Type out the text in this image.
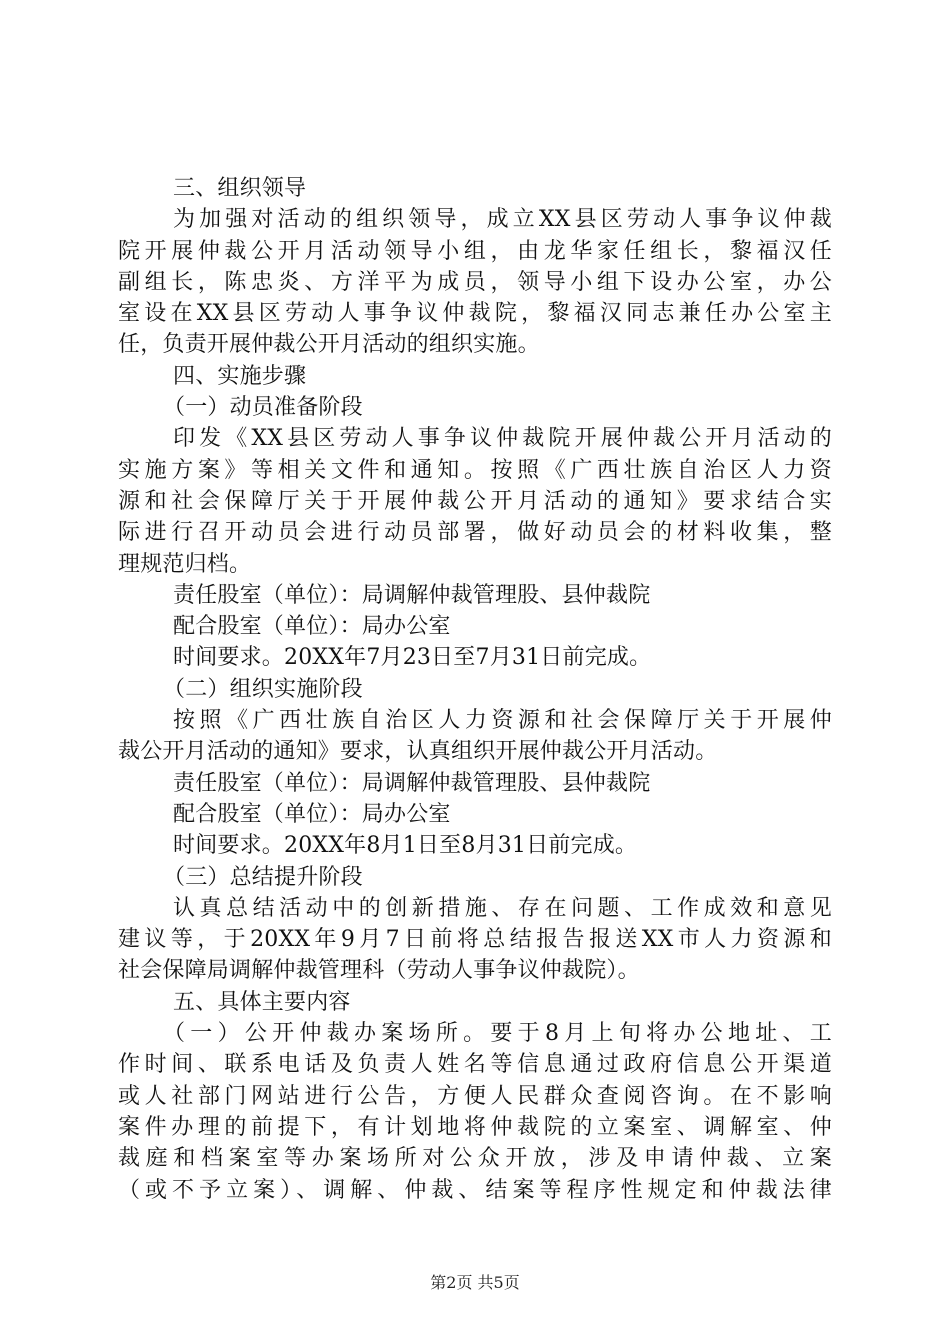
三、组织领导
为加强对活动的组织领导，成立XX县区劳动人事争议仲裁
院开展仲裁公开月活动领导小组，由龙华家任组长，黎福汉任
副组长，陈忠炎、方洋平为成员，领导小组下设办公室，办公
室设在XX县区劳动人事争议仲裁院，黎福汉同志兼任办公室主
任，负责开展仲裁公开月活动的组织实施。
四、实施步骤
（一）动员准备阶段
印发《XX县区劳动人事争议仲裁院开展仲裁公开月活动的
实施方案》等相关文件和通知。按照《广西壮族自治区人力资
源和社会保障厅关于开展仲裁公开月活动的通知》要求结合实
际进行召开动员会进行动员部署，做好动员会的材料收集，整
理规范归档。
责任股室（单位）：局调解仲裁管理股、县仲裁院
配合股室（单位）：局办公室
时间要求。20XX年7月23日至7月31日前完成。
（二）组织实施阶段
按照《广西壮族自治区人力资源和社会保障厅关于开展仲
裁公开月活动的通知》要求，认真组织开展仲裁公开月活动。
责任股室（单位）：局调解仲裁管理股、县仲裁院
配合股室（单位）：局办公室
时间要求。20XX年8月1日至8月31日前完成。
（三）总结提升阶段
认真总结活动中的创新措施、存在问题、工作成效和意见
建议等，于20XX年9月7日前将总结报告报送XX市人力资源和
社会保障局调解仲裁管理科（劳动人事争议仲裁院）。
五、具体主要内容
（一）公开仲裁办案场所。要于8月上旬将办公地址、工
作时间、联系电话及负责人姓名等信息通过政府信息公开渠道
或人社部门网站进行公告，方便人民群众查阅咨询。在不影响
案件办理的前提下，有计划地将仲裁院的立案室、调解室、仲
裁庭和档案室等办案场所对公众开放，涉及申请仲裁、立案
（或不予立案）、调解、仲裁、结案等程序性规定和仲裁法律
第2页 共5页
